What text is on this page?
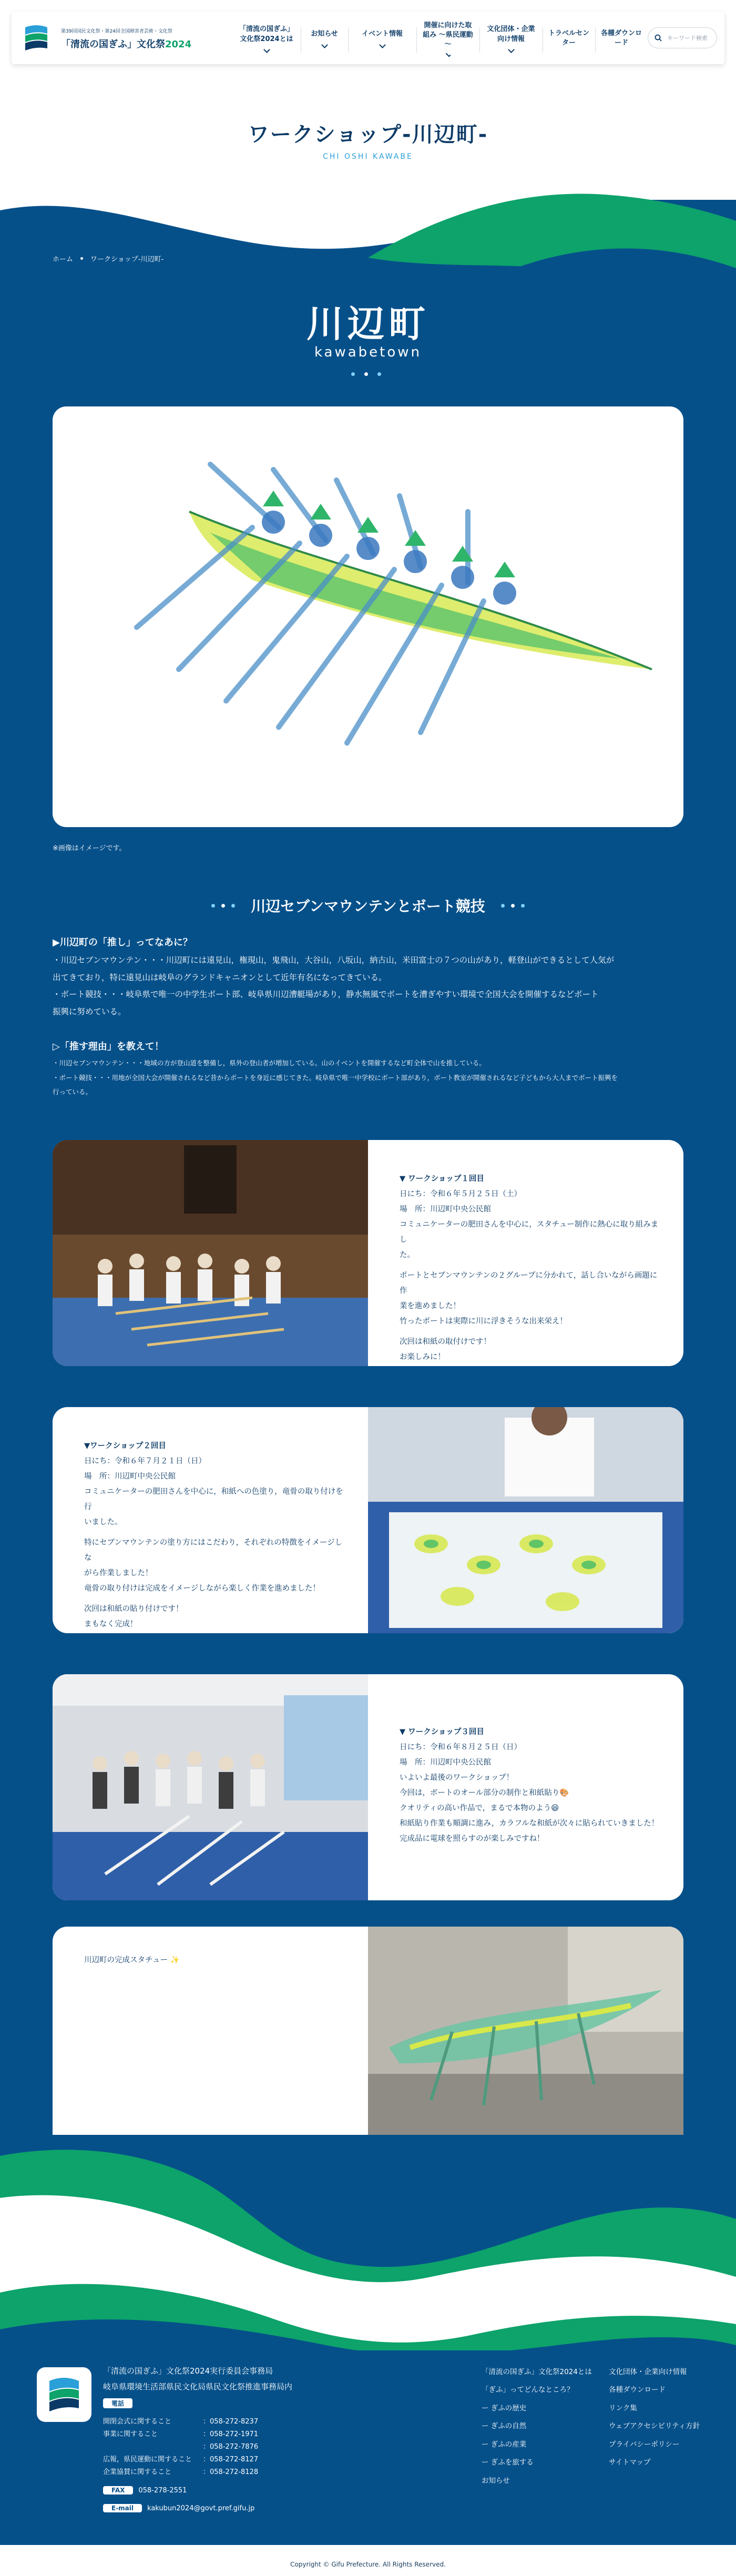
第39回国民文化祭・第24回全国障害者芸術・文化祭
「清流の国ぎふ」文化祭2024
「清流の国ぎふ」文化祭2024とは
お知らせ	イベント情報
開催に向けた取組み ～県民運動～
文化団体・企業向け情報
トラベルセンター
各種ダウンロード
キーワード検索
ワークショップ-川辺町-
CHI OSHI KAWABE
ホーム	ワークショップ-川辺町-
川辺町
kawabetown
※画像はイメージです。
川辺セブンマウンテンとボート競技
▶川辺町の「推し」ってなあに？
・川辺セブンマウンテン・・・川辺町には遠見山，権現山，鬼飛山，大谷山，八坂山，納古山，米田富士の７つの山があり，軽登山ができるとして人気が
出てきており，特に遠見山は岐阜のグランドキャニオンとして近年有名になってきている。
・ボート競技・・・岐阜県で唯一の中学生ボート部、岐阜県川辺漕艇場があり，静水無風でボートを漕ぎやすい環境で全国大会を開催するなどボート
振興に努めている。
▷「推す理由」を教えて！
・川辺セブンマウンテン・・・地域の方が登山道を整備し，県外の登山者が増加している。山のイベントを開催するなど町全体で山を推している。
・ボート競技・・・用地が全国大会が開催されるなど昔からボートを身近に感じてきた。岐阜県で唯一中学校にボート部があり，ボート教室が開催されるなど子どもから大人までボート振興を
行っている。
▼ ワークショップ１回目
日にち：令和６年５月２５日（土）
場　所：川辺町中央公民館
コミュニケーターの肥田さんを中心に，スタチュー制作に熱心に取り組みまし
た。
ボートとセブンマウンテンの２グループに分かれて，話し合いながら画題に作
業を進めました！
竹ったボートは実際に川に浮きそうな出来栄え！
次回は和紙の取付けです！
お楽しみに！
▼ワークショップ２回目
日にち：令和６年７月２１日（日）
場　所：川辺町中央公民館
コミュニケーターの肥田さんを中心に，和紙への色塗り，竜骨の取り付けを行
いました。
特にセブンマウンテンの塗り方にはこだわり，それぞれの特徴をイメージしな
がら作業しました！
竜骨の取り付けは完成をイメージしながら楽しく作業を進めました！
次回は和紙の貼り付けです！
まもなく完成！
▼ ワークショップ３回目
日にち：令和６年８月２５日（日）
場　所：川辺町中央公民館
いよいよ最後のワークショップ！
今回は，ボートのオール部分の制作と和紙貼り🎨
クオリティの高い作品で，まるで本物のよう😆
和紙貼り作業も順調に進み，カラフルな和紙が次々に貼られていきました！
完成品に電球を照らすのが楽しみですね！
川辺町の完成スタチュー ✨
「清流の国ぎふ」文化祭2024実行委員会事務局
岐阜県環境生活部県民文化局県民文化祭推進事務局内
電話
開閉会式に関すること	：058-272-8237
事業に関すること	：058-272-1971
：058-272-7876
広報，県民運動に関すること	：058-272-8127
企業協賛に関すること	：058-272-8128
FAX	058-278-2551
E-mail	kakubun2024@govt.pref.gifu.jp
「清流の国ぎふ」文化祭2024とは
「ぎふ」ってどんなところ？
ー ぎふの歴史
ー ぎふの自然
ー ぎふの産業
ー ぎふを旅する
お知らせ
文化団体・企業向け情報
各種ダウンロード
リンク集
ウェブアクセシビリティ方針
プライバシーポリシー
サイトマップ
Copyright © Gifu Prefecture. All Rights Reserved.
